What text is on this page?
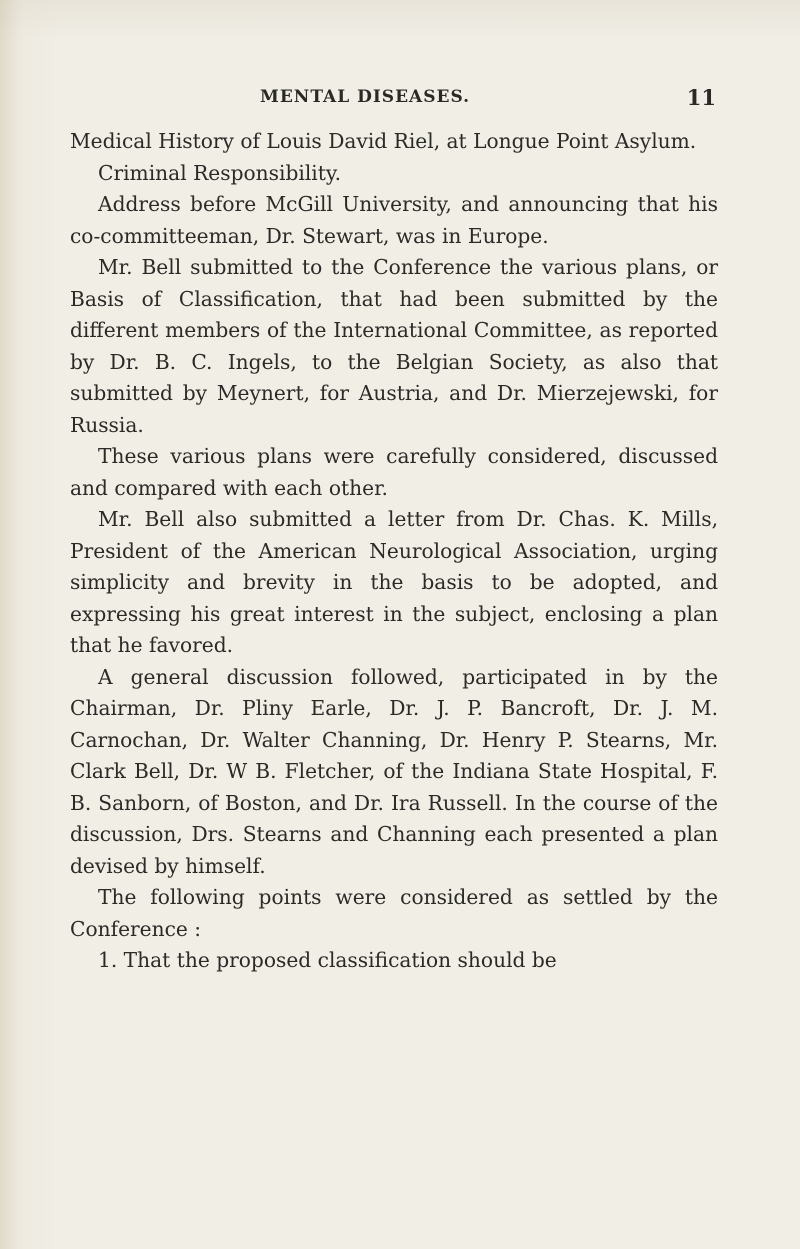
MENTAL DISEASES.	11

Medical History of Louis David Riel, at Longue Point Asylum.

Criminal Responsibility.

Address before McGill University, and announcing that his co-committeeman, Dr. Stewart, was in Europe.

Mr. Bell submitted to the Conference the various plans, or Basis of Classification, that had been submitted by the different members of the International Committee, as reported by Dr. B. C. Ingels, to the Belgian Society, as also that submitted by Meynert, for Austria, and Dr. Mierzejewski, for Russia.

These various plans were carefully considered, discussed and compared with each other.

Mr. Bell also submitted a letter from Dr. Chas. K. Mills, President of the American Neurological Association, urging simplicity and brevity in the basis to be adopted, and expressing his great interest in the subject, enclosing a plan that he favored.

A general discussion followed, participated in by the Chairman, Dr. Pliny Earle, Dr. J. P. Bancroft, Dr. J. M. Carnochan, Dr. Walter Channing, Dr. Henry P. Stearns, Mr. Clark Bell, Dr. W B. Fletcher, of the Indiana State Hospital, F. B. Sanborn, of Boston, and Dr. Ira Russell. In the course of the discussion, Drs. Stearns and Channing each presented a plan devised by himself.

The following points were considered as settled by the Conference :

1. That the proposed classification should be
